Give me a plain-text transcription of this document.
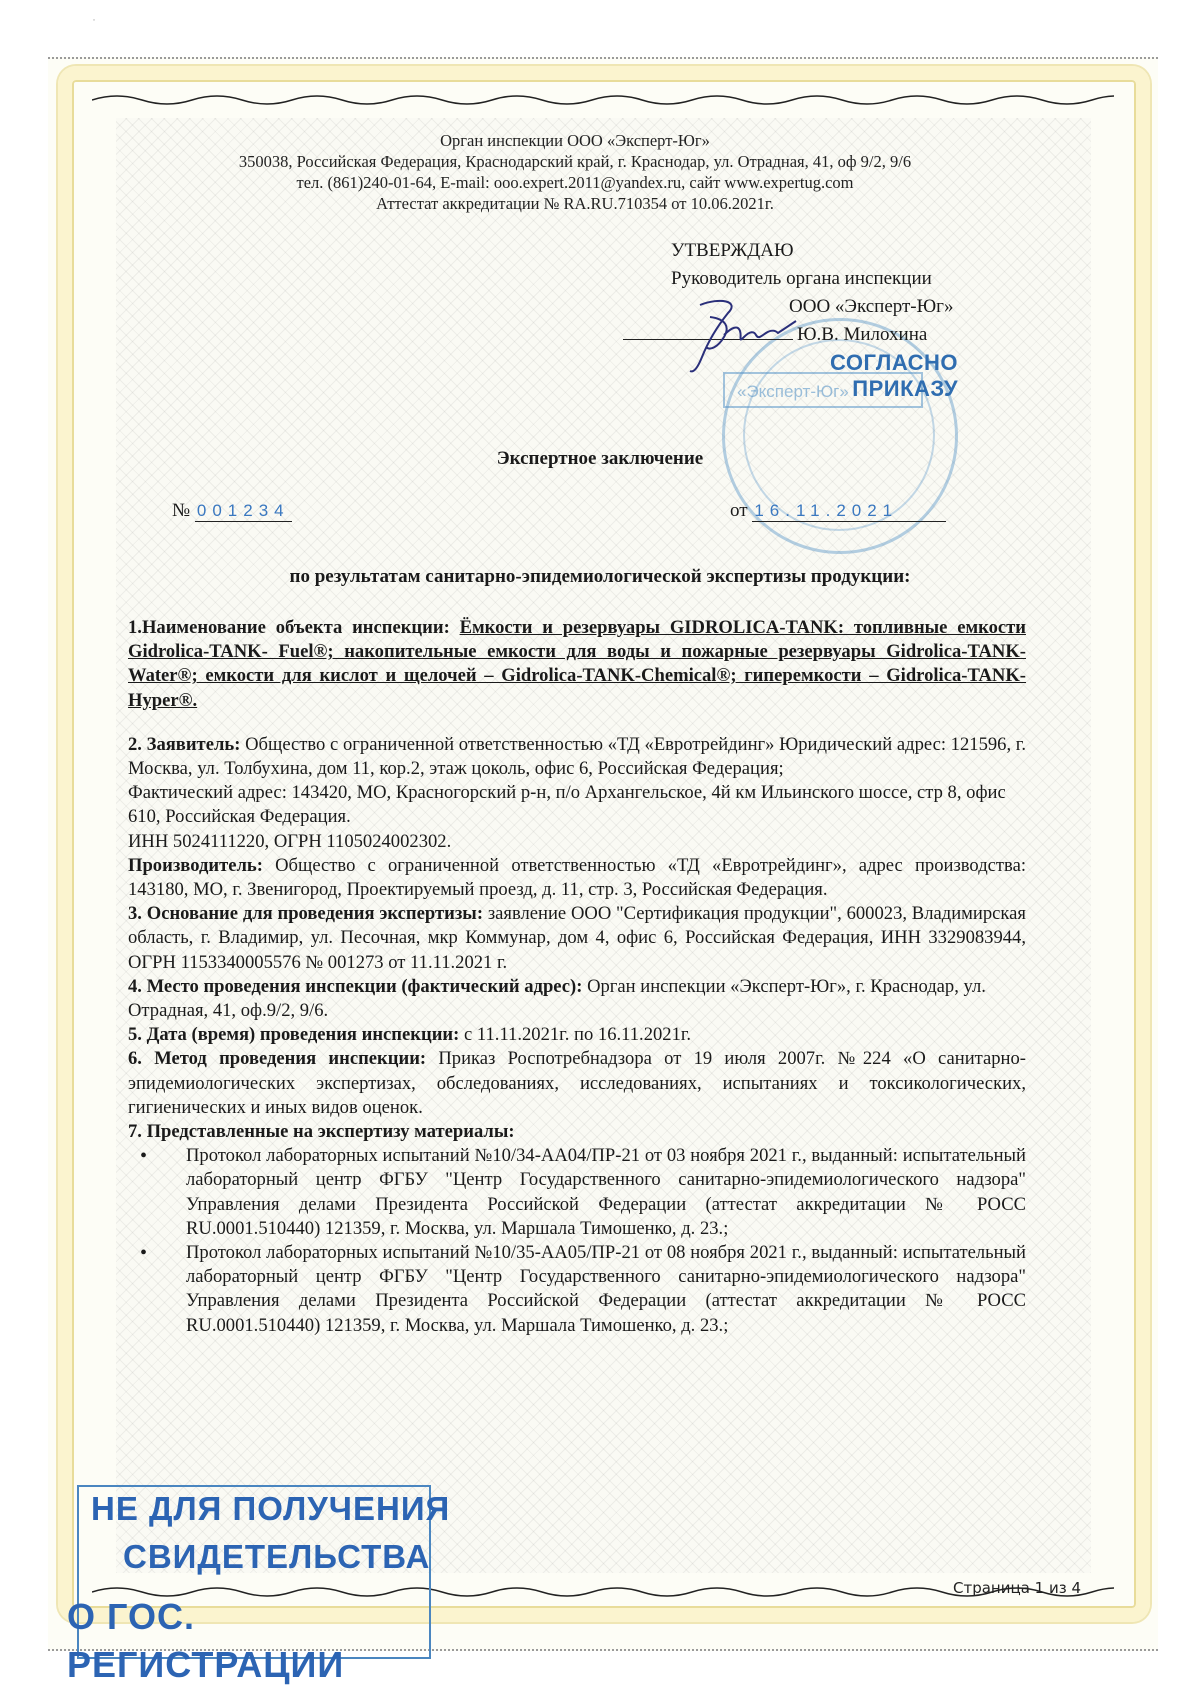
˙
Орган инспекции ООО «Эксперт-Юг»
350038, Российская Федерация, Краснодарский край, г. Краснодар, ул. Отрадная, 41, оф 9/2, 9/6
тел. (861)240-01-64, E-mail: ooo.expert.2011@yandex.ru, сайт www.expertug.com
Аттестат аккредитации № RA.RU.710354 от 10.06.2021г.
«Эксперт-Юг»
УТВЕРЖДАЮ
Руководитель органа инспекции
ООО «Эксперт-Юг»
Ю.В. Милохина
СОГЛАСНО
ПРИКАЗУ
Экспертное заключение
№ 001234	от 16.11.2021
по результатам санитарно-эпидемиологической экспертизы продукции:

1.Наименование объекта инспекции: Ёмкости и резервуары GIDROLICA-TANK: топливные емкости Gidrolica-TANK- Fuel®; накопительные емкости для воды и пожарные резервуары Gidrolica-TANK-Water®; емкости для кислот и щелочей – Gidrolica-TANK-Chemical®; гиперемкости – Gidrolica-TANK-Hyper®.

2. Заявитель: Общество с ограниченной ответственностью «ТД «Евротрейдинг» Юридический адрес: 121596, г. Москва, ул. Толбухина, дом 11, кор.2, этаж цоколь, офис 6, Российская Федерация;

Фактический адрес: 143420, МО, Красногорский р-н, п/о Архангельское, 4й км Ильинского шоссе, стр 8, офис 610, Российская Федерация.

ИНН 5024111220, ОГРН 1105024002302.

Производитель: Общество с ограниченной ответственностью «ТД «Евротрейдинг», адрес производства: 143180, МО, г. Звенигород, Проектируемый проезд, д. 11, стр. 3, Российская Федерация.

3. Основание для проведения экспертизы: заявление ООО "Сертификация продукции", 600023, Владимирская область, г. Владимир, ул. Песочная, мкр Коммунар, дом 4, офис 6, Российская Федерация, ИНН 3329083944, ОГРН 1153340005576 № 001273 от 11.11.2021 г.

4. Место проведения инспекции (фактический адрес): Орган инспекции «Эксперт-Юг», г. Краснодар, ул. Отрадная, 41, оф.9/2, 9/6.

5. Дата (время) проведения инспекции: с 11.11.2021г. по 16.11.2021г.

6. Метод проведения инспекции: Приказ Роспотребнадзора от 19 июля 2007г. №224 «О санитарно-эпидемиологических экспертизах, обследованиях, исследованиях, испытаниях и токсикологических, гигиенических и иных видов оценок.

7. Представленные на экспертизу материалы:

• Протокол лабораторных испытаний №10/34-АА04/ПР-21 от 03 ноября 2021 г., выданный: испытательный лабораторный центр ФГБУ "Центр Государственного санитарно-эпидемиологического надзора" Управления делами Президента Российской Федерации (аттестат аккредитации № РОСС RU.0001.510440) 121359, г. Москва, ул. Маршала Тимошенко, д. 23.;
• Протокол лабораторных испытаний №10/35-АА05/ПР-21 от 08 ноября 2021 г., выданный: испытательный лабораторный центр ФГБУ "Центр Государственного санитарно-эпидемиологического надзора" Управления делами Президента Российской Федерации (аттестат аккредитации № РОСС RU.0001.510440) 121359, г. Москва, ул. Маршала Тимошенко, д. 23.;
НЕ ДЛЯ ПОЛУЧЕНИЯ
СВИДЕТЕЛЬСТВА
О ГОС. РЕГИСТРАЦИИ
Страница 1 из 4
